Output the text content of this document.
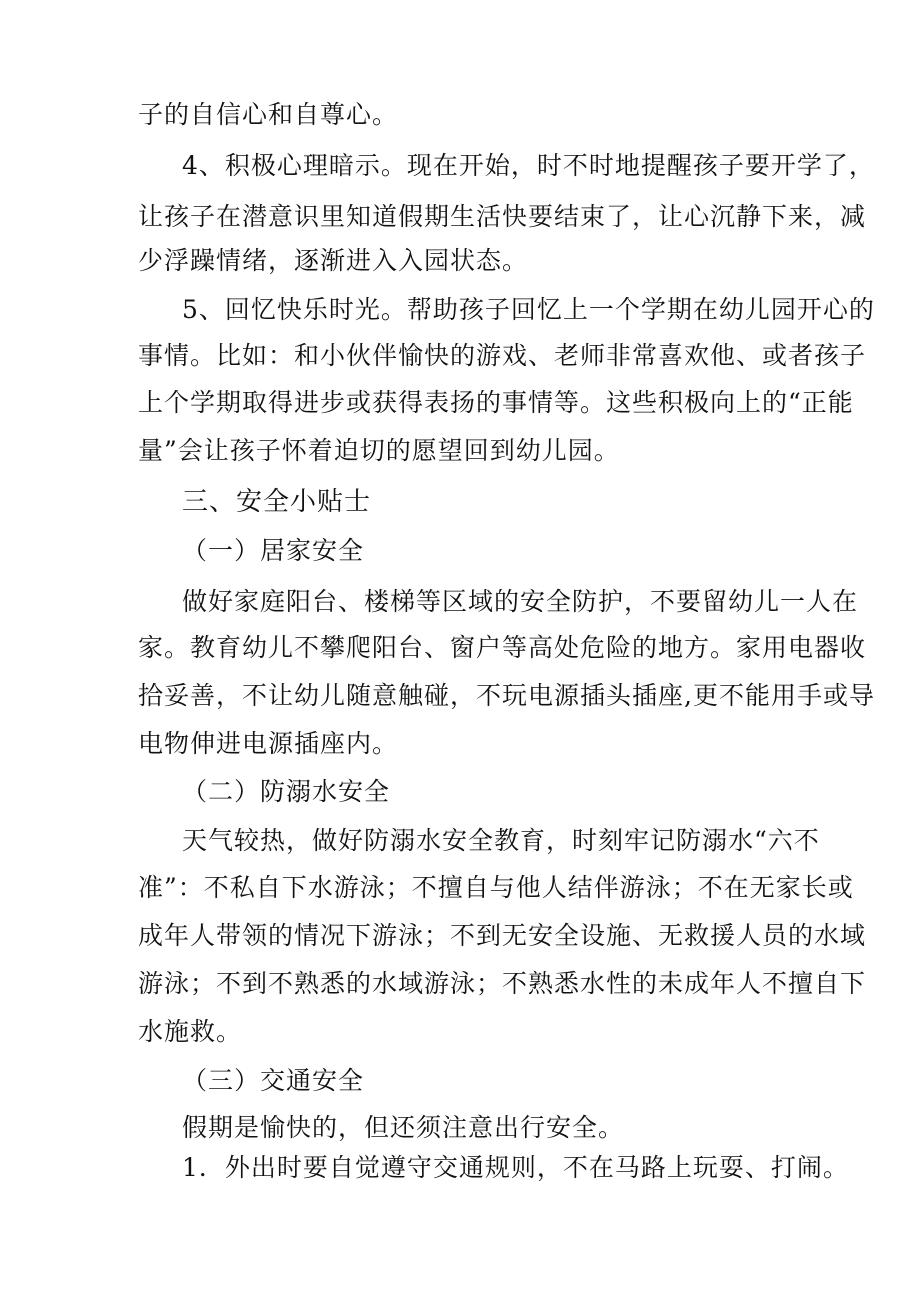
子的自信心和自尊心。
4、积极心理暗示。现在开始，时不时地提醒孩子要开学了，
让孩子在潜意识里知道假期生活快要结束了，让心沉静下来，减
少浮躁情绪，逐渐进入入园状态。
5、回忆快乐时光。帮助孩子回忆上一个学期在幼儿园开心的
事情。比如：和小伙伴愉快的游戏、老师非常喜欢他、或者孩子
上个学期取得进步或获得表扬的事情等。这些积极向上的“正能
量”会让孩子怀着迫切的愿望回到幼儿园。
三、安全小贴士
（一）居家安全
做好家庭阳台、楼梯等区域的安全防护，不要留幼儿一人在
家。教育幼儿不攀爬阳台、窗户等高处危险的地方。家用电器收
拾妥善，不让幼儿随意触碰，不玩电源插头插座,更不能用手或导
电物伸进电源插座内。
（二）防溺水安全
天气较热，做好防溺水安全教育，时刻牢记防溺水“六不
准”：不私自下水游泳；不擅自与他人结伴游泳；不在无家长或
成年人带领的情况下游泳；不到无安全设施、无救援人员的水域
游泳；不到不熟悉的水域游泳；不熟悉水性的未成年人不擅自下
水施救。
（三）交通安全
假期是愉快的，但还须注意出行安全。
1．外出时要自觉遵守交通规则，不在马路上玩耍、打闹。
